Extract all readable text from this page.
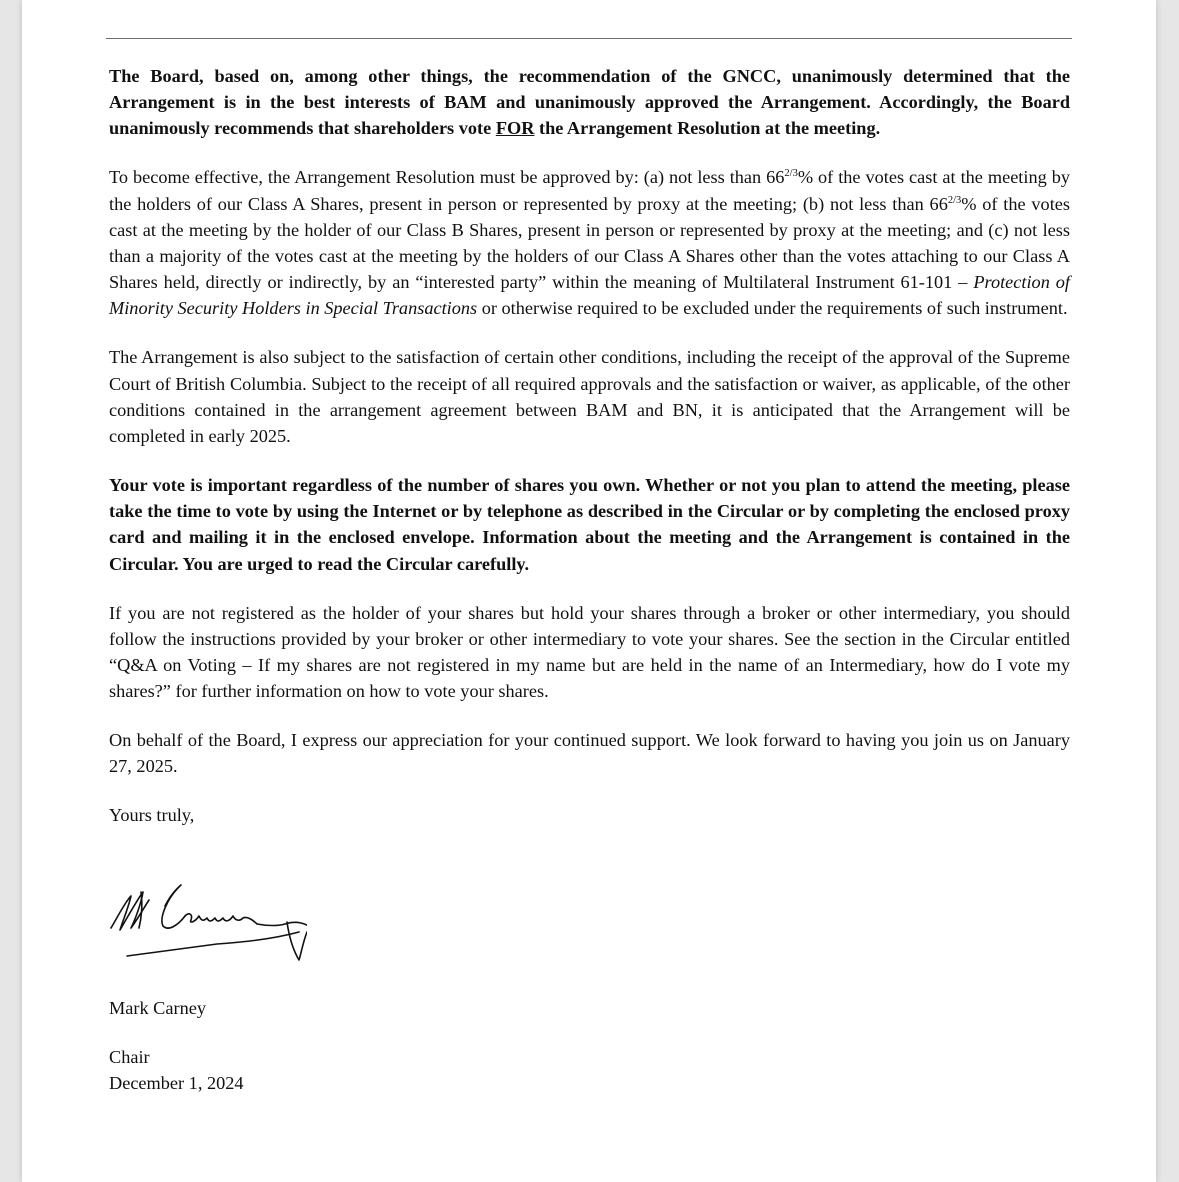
The Board, based on, among other things, the recommendation of the GNCC, unanimously determined that the Arrangement is in the best interests of BAM and unanimously approved the Arrangement. Accordingly, the Board unanimously recommends that shareholders vote FOR the Arrangement Resolution at the meeting.

To become effective, the Arrangement Resolution must be approved by: (a) not less than $66^{2/3}\%$ of the votes cast at the meeting by the holders of our Class A Shares, present in person or represented by proxy at the meeting; (b) not less than $66^{2/3}\%$ of the votes cast at the meeting by the holder of our Class B Shares, present in person or represented by proxy at the meeting; and (c) not less than a majority of the votes cast at the meeting by the holders of our Class A Shares other than the votes attaching to our Class A Shares held, directly or indirectly, by an “interested party” within the meaning of Multilateral Instrument 61-101 – Protection of Minority Security Holders in Special Transactions or otherwise required to be excluded under the requirements of such instrument.

The Arrangement is also subject to the satisfaction of certain other conditions, including the receipt of the approval of the Supreme Court of British Columbia. Subject to the receipt of all required approvals and the satisfaction or waiver, as applicable, of the other conditions contained in the arrangement agreement between BAM and BN, it is anticipated that the Arrangement will be completed in early 2025.

Your vote is important regardless of the number of shares you own. Whether or not you plan to attend the meeting, please take the time to vote by using the Internet or by telephone as described in the Circular or by completing the enclosed proxy card and mailing it in the enclosed envelope. Information about the meeting and the Arrangement is contained in the Circular. You are urged to read the Circular carefully.

If you are not registered as the holder of your shares but hold your shares through a broker or other intermediary, you should follow the instructions provided by your broker or other intermediary to vote your shares. See the section in the Circular entitled “Q&A on Voting – If my shares are not registered in my name but are held in the name of an Intermediary, how do I vote my shares?” for further information on how to vote your shares.

On behalf of the Board, I express our appreciation for your continued support. We look forward to having you join us on January 27, 2025.

Yours truly,

Mark Carney
Chair
December 1, 2024
